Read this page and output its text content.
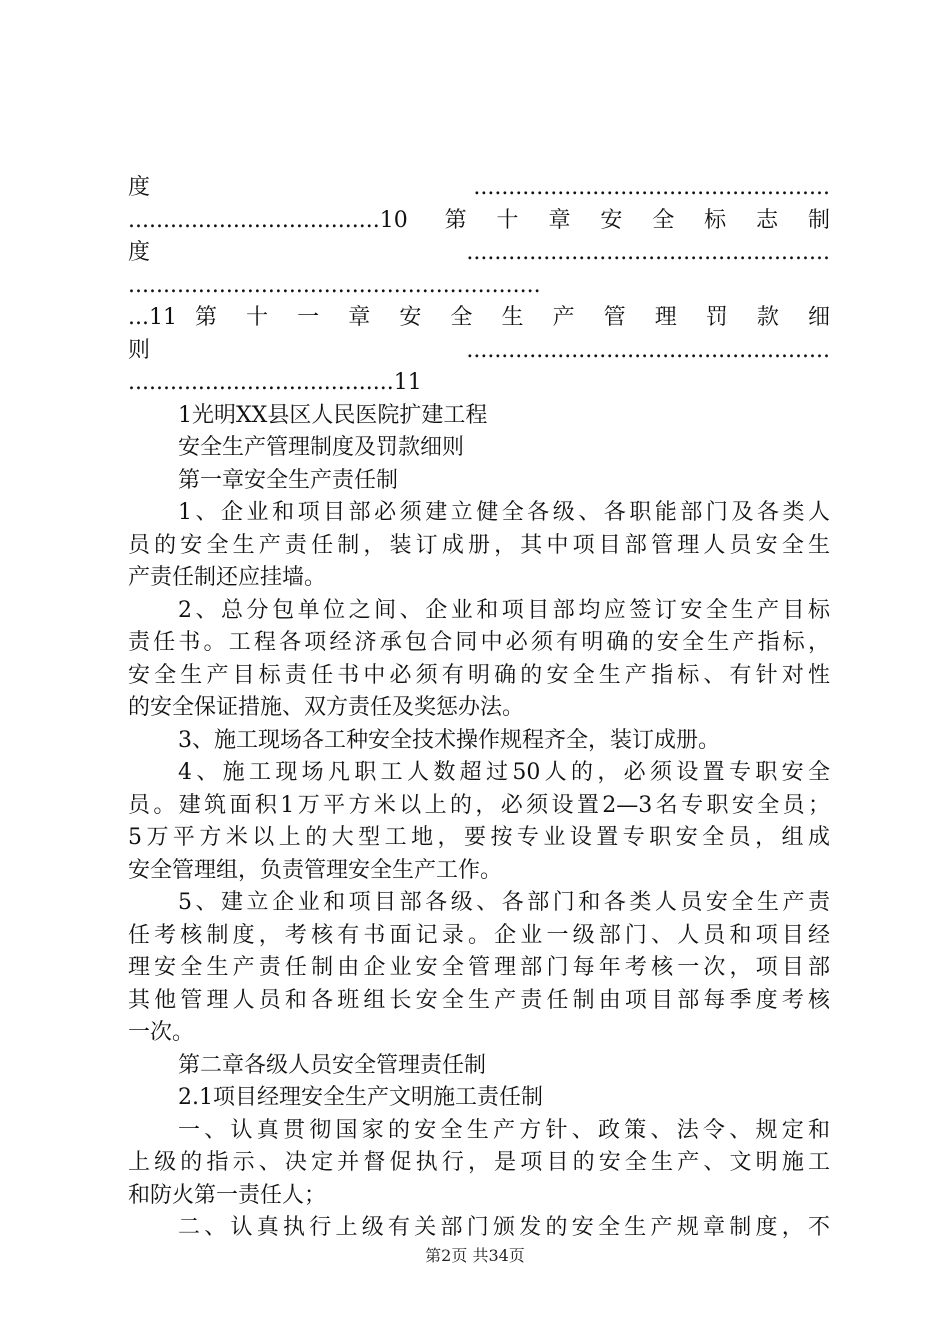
度...................................................
....................................10 第十章安全标志制
度....................................................
...........................................................
...11 第 十 一 章 安 全 生 产 管 理 罚 款 细
则....................................................
......................................11
1光明XX县区人民医院扩建工程
安全生产管理制度及罚款细则
第一章安全生产责任制
1、企业和项目部必须建立健全各级、各职能部门及各类人
员的安全生产责任制，装订成册，其中项目部管理人员安全生
产责任制还应挂墙。
2、总分包单位之间、企业和项目部均应签订安全生产目标
责任书。工程各项经济承包合同中必须有明确的安全生产指标，
安全生产目标责任书中必须有明确的安全生产指标、有针对性
的安全保证措施、双方责任及奖惩办法。
3、施工现场各工种安全技术操作规程齐全，装订成册。
4、施工现场凡职工人数超过50人的，必须设置专职安全
员。建筑面积1万平方米以上的，必须设置2—3名专职安全员；
5万平方米以上的大型工地，要按专业设置专职安全员，组成
安全管理组，负责管理安全生产工作。
5、建立企业和项目部各级、各部门和各类人员安全生产责
任考核制度，考核有书面记录。企业一级部门、人员和项目经
理安全生产责任制由企业安全管理部门每年考核一次，项目部
其他管理人员和各班组长安全生产责任制由项目部每季度考核
一次。
第二章各级人员安全管理责任制
2.1项目经理安全生产文明施工责任制
一、认真贯彻国家的安全生产方针、政策、法令、规定和
上级的指示、决定并督促执行，是项目的安全生产、文明施工
和防火第一责任人；
二、认真执行上级有关部门颁发的安全生产规章制度，不
第2页 共34页
